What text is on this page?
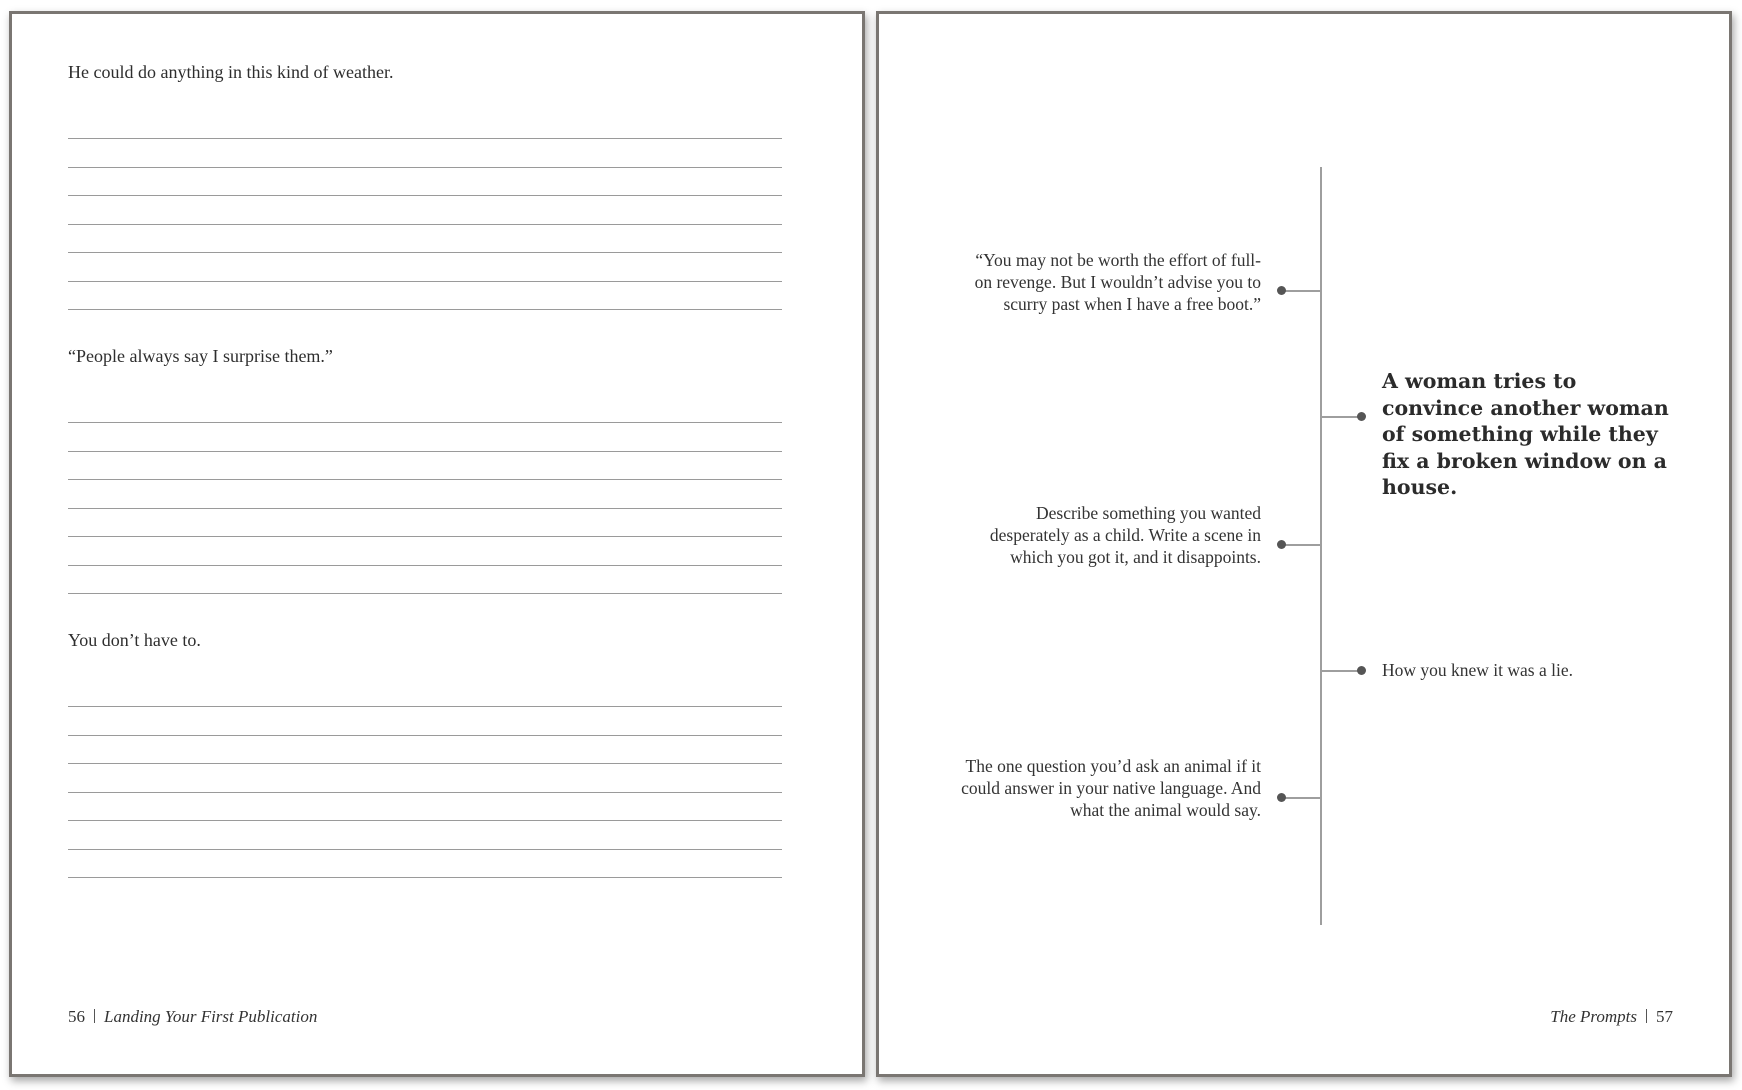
He could do anything in this kind of weather.
“People always say I surprise them.”
You don’t have to.
56 Landing Your First Publication
“You may not be worth the effort of full-on revenge. But I wouldn’t advise you to scurry past when I have a free boot.”
A woman tries to convince another woman of something while they fix a broken window on a house.
Describe something you wanted desperately as a child. Write a scene in which you got it, and it disappoints.
How you knew it was a lie.
The one question you’d ask an animal if it could answer in your native language. And what the animal would say.
The Prompts 57
